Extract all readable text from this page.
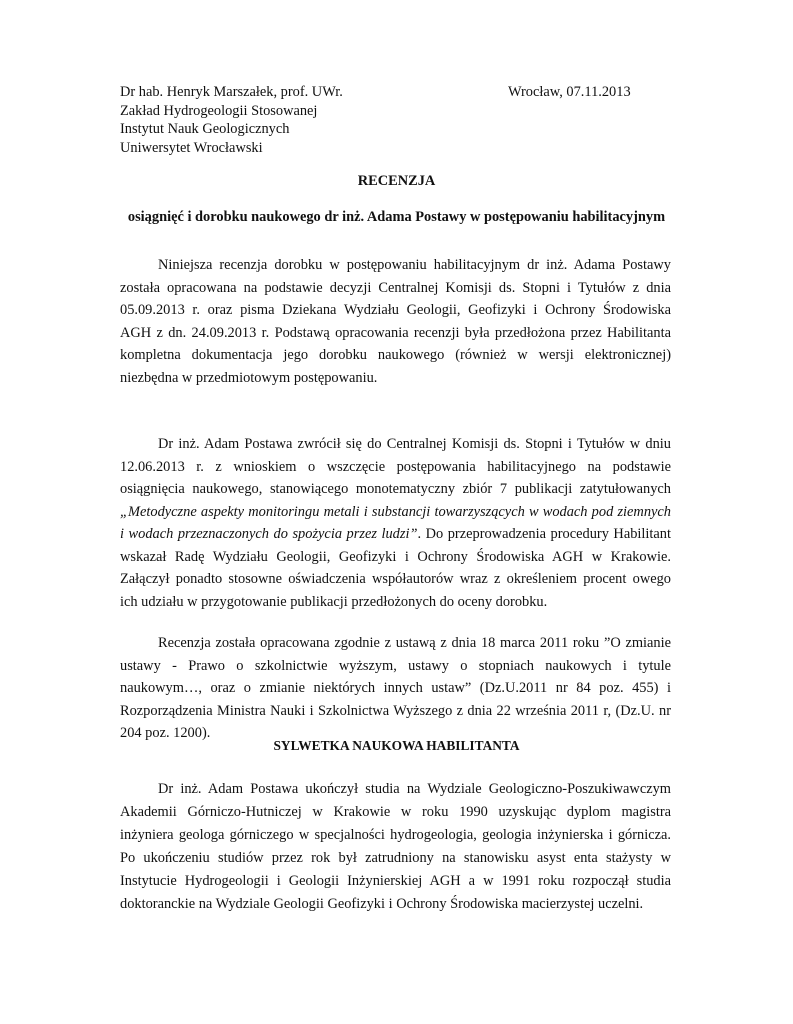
Dr hab. Henryk Marszałek, prof. UWr.
Zakład Hydrogeologii Stosowanej
Instytut Nauk Geologicznych
Uniwersytet Wrocławski
Wrocław, 07.11.2013
RECENZJA
osiągnięć i dorobku naukowego dr inż. Adama Postawy w postępowaniu habilitacyjnym
Niniejsza recenzja dorobku w postępowaniu habilitacyjnym dr inż. Adama Postawy
została opracowana na podstawie decyzji Centralnej Komisji ds. Stopni i Tytułów z dnia
05.09.2013 r. oraz pisma Dziekana Wydziału Geologii, Geofizyki i Ochrony Środowiska
AGH z dn. 24.09.2013 r. Podstawą opracowania recenzji była przedłożona przez Habilitanta
kompletna dokumentacja jego dorobku naukowego (również w wersji elektronicznej)
niezbędna w przedmiotowym postępowaniu.
Dr inż. Adam Postawa zwrócił się do Centralnej Komisji ds. Stopni i Tytułów w dniu
12.06.2013 r. z wnioskiem o wszczęcie postępowania habilitacyjnego na podstawie
osiągnięcia naukowego, stanowiącego monotematyczny zbiór 7 publikacji zatytułowanych
„Metodyczne aspekty monitoringu metali i substancji towarzyszących w wodach pod ziemnych
i wodach przeznaczonych do spożycia przez ludzi”. Do przeprowadzenia procedury Habilitant
wskazał Radę Wydziału Geologii, Geofizyki i Ochrony Środowiska AGH w Krakowie.
Załączył ponadto stosowne oświadczenia współautorów wraz z określeniem procent owego
ich udziału w przygotowanie publikacji przedłożonych do oceny dorobku.
Recenzja została opracowana zgodnie z ustawą z dnia 18 marca 2011 roku ”O zmianie
ustawy - Prawo o szkolnictwie wyższym, ustawy o stopniach naukowych i tytule
naukowym…, oraz o zmianie niektórych innych ustaw” (Dz.U.2011 nr 84 poz. 455) i
Rozporządzenia Ministra Nauki i Szkolnictwa Wyższego z dnia 22 września 2011 r, (Dz.U. nr
204 poz. 1200).
SYLWETKA NAUKOWA HABILITANTA
Dr inż. Adam Postawa ukończył studia na Wydziale Geologiczno-Poszukiwawczym
Akademii Górniczo-Hutniczej w Krakowie w roku 1990 uzyskując dyplom magistra
inżyniera geologa górniczego w specjalności hydrogeologia, geologia inżynierska i górnicza.
Po ukończeniu studiów przez rok był zatrudniony na stanowisku asyst enta stażysty w
Instytucie Hydrogeologii i Geologii Inżynierskiej AGH a w 1991 roku rozpoczął studia
doktoranckie na Wydziale Geologii Geofizyki i Ochrony Środowiska macierzystej uczelni.
